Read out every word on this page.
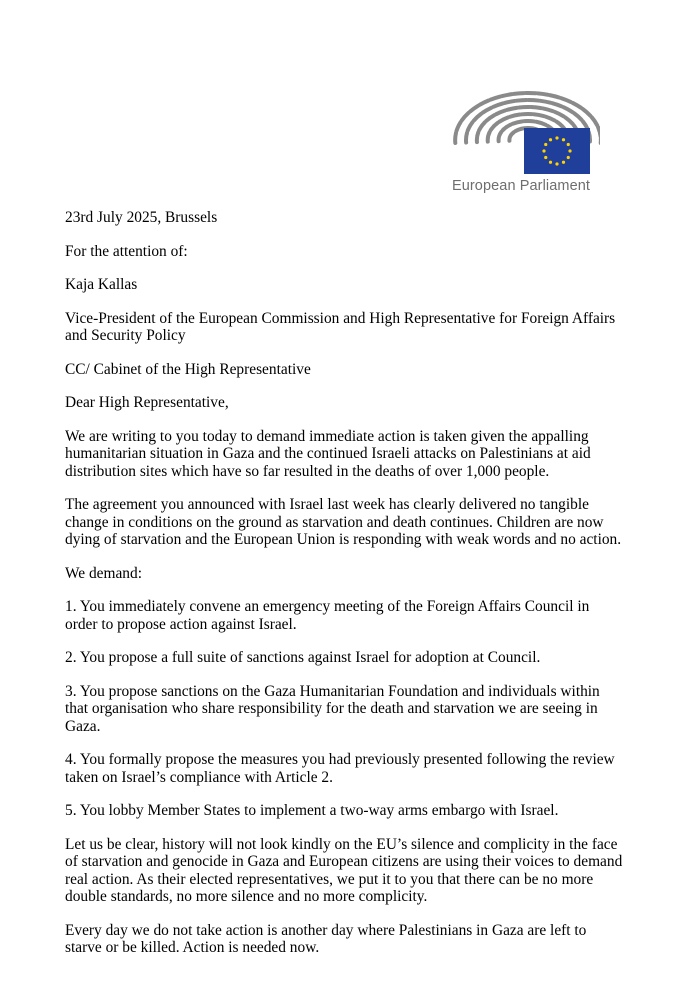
European Parliament

23rd July 2025, Brussels

For the attention of:

Kaja Kallas

Vice-President of the European Commission and High Representative for Foreign Affairs and Security Policy

CC/ Cabinet of the High Representative

Dear High Representative,

We are writing to you today to demand immediate action is taken given the appalling humanitarian situation in Gaza and the continued Israeli attacks on Palestinians at aid distribution sites which have so far resulted in the deaths of over 1,000 people.

The agreement you announced with Israel last week has clearly delivered no tangible change in conditions on the ground as starvation and death continues. Children are now dying of starvation and the European Union is responding with weak words and no action.

We demand:

1. You immediately convene an emergency meeting of the Foreign Affairs Council in order to propose action against Israel.

2. You propose a full suite of sanctions against Israel for adoption at Council.

3. You propose sanctions on the Gaza Humanitarian Foundation and individuals within that organisation who share responsibility for the death and starvation we are seeing in Gaza.

4. You formally propose the measures you had previously presented following the review taken on Israel’s compliance with Article 2.

5. You lobby Member States to implement a two-way arms embargo with Israel.

Let us be clear, history will not look kindly on the EU’s silence and complicity in the face of starvation and genocide in Gaza and European citizens are using their voices to demand real action. As their elected representatives, we put it to you that there can be no more double standards, no more silence and no more complicity.

Every day we do not take action is another day where Palestinians in Gaza are left to starve or be killed. Action is needed now.
